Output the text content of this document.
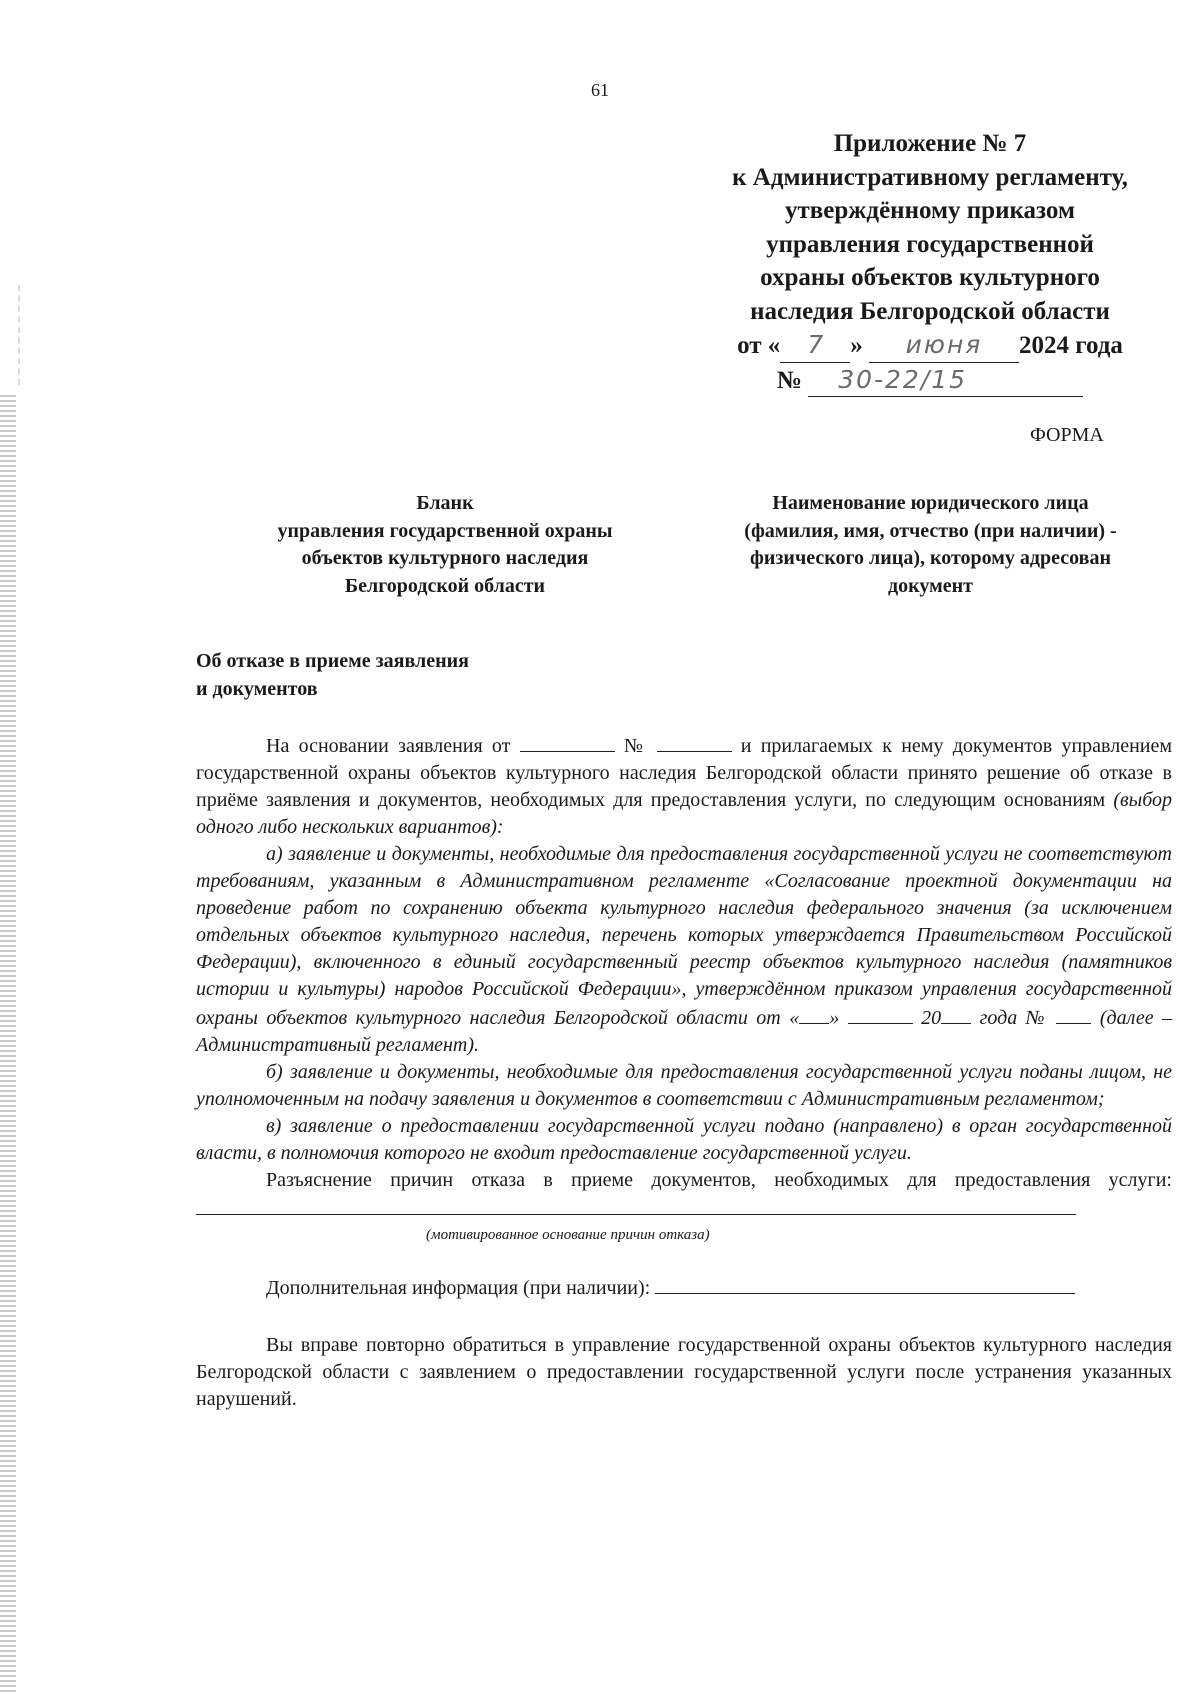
61
Приложение № 7
к Административному регламенту,
утверждённому приказом
управления государственной
охраны объектов культурного
наследия Белгородской области
от « 7 » июня 2024 года
№ 30-22/15
ФОРМА
Бланк
управления государственной охраны
объектов культурного наследия
Белгородской области
Наименование юридического лица
(фамилия, имя, отчество (при наличии) -
физического лица), которому адресован
документ
Об отказе в приеме заявления
и документов

На основании заявления от	№	и прилагаемых к нему документов управлением государственной охраны объектов культурного наследия Белгородской области принято решение об отказе в приёме заявления и документов, необходимых для предоставления услуги, по следующим основаниям (выбор одного либо нескольких вариантов):

а) заявление и документы, необходимые для предоставления государственной услуги не соответствуют требованиям, указанным в Административном регламенте «Согласование проектной документации на проведение работ по сохранению объекта культурного наследия федерального значения (за исключением отдельных объектов культурного наследия, перечень которых утверждается Правительством Российской Федерации), включенного в единый государственный реестр объектов культурного наследия (памятников истории и культуры) народов Российской Федерации», утверждённом приказом управления государственной охраны объектов культурного наследия Белгородской области от « »	20 года №	(далее – Административный регламент).

б) заявление и документы, необходимые для предоставления государственной услуги поданы лицом, не уполномоченным на подачу заявления и документов в соответствии с Административным регламентом;

в) заявление о предоставлении государственной услуги подано (направлено) в орган государственной власти, в полномочия которого не входит предоставление государственной услуги.

Разъяснение причин отказа в приеме документов, необходимых для предоставления услуги:

(мотивированное основание причин отказа)

Дополнительная информация (при наличии):

Вы вправе повторно обратиться в управление государственной охраны объектов культурного наследия Белгородской области с заявлением о предоставлении государственной услуги после устранения указанных нарушений.
